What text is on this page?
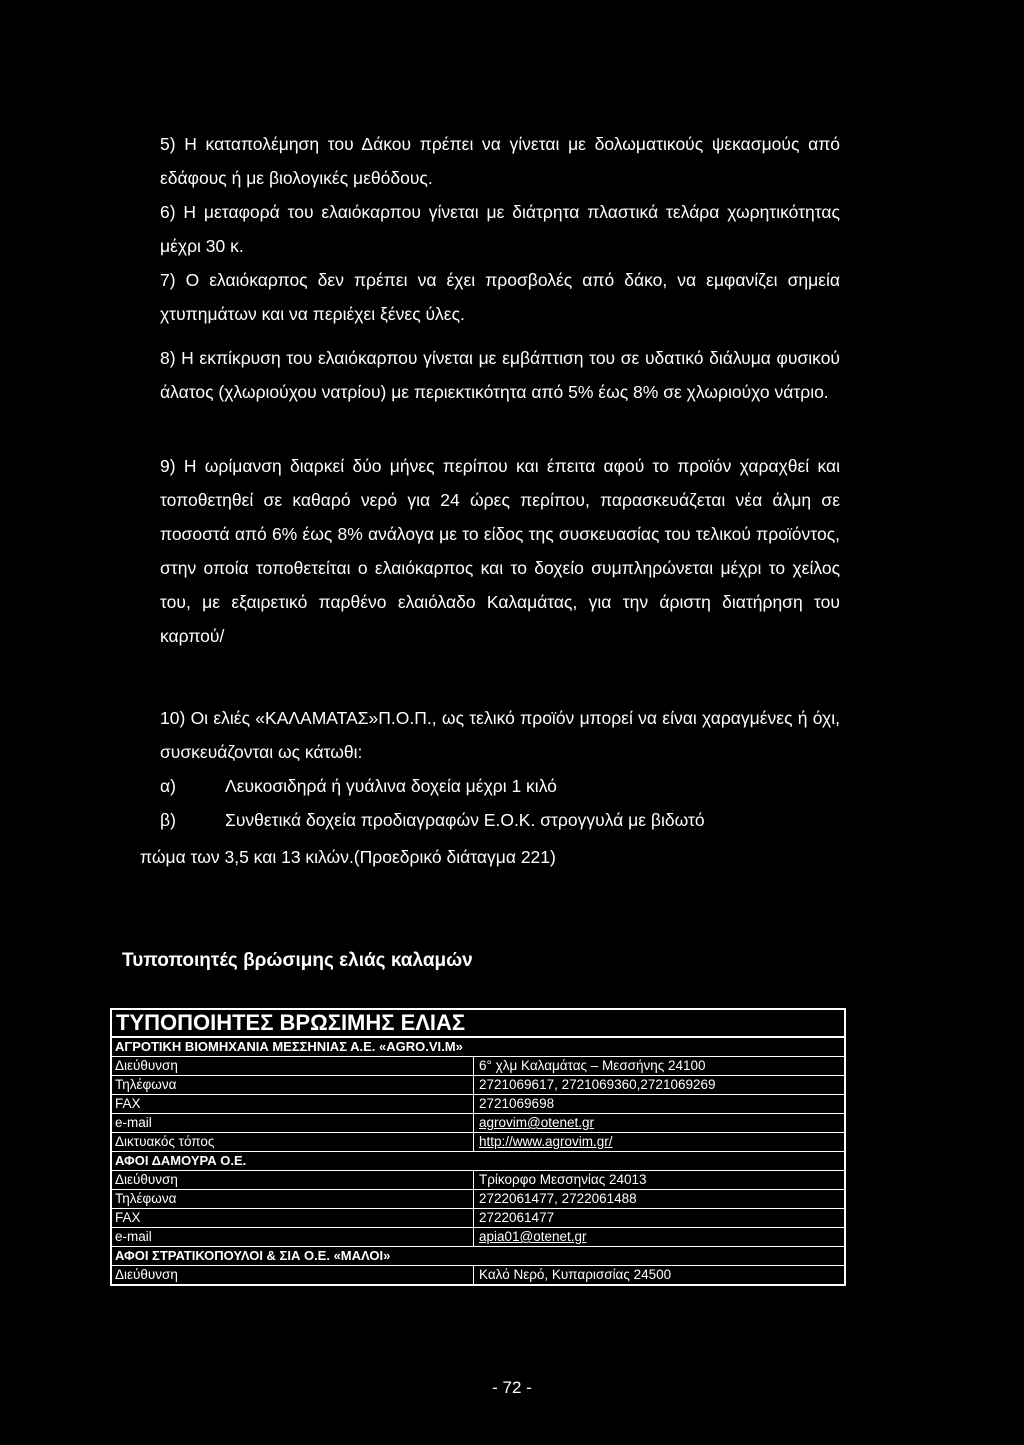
5) Η καταπολέμηση του Δάκου πρέπει να γίνεται με δολωματικούς ψεκασμούς από εδάφους ή με βιολογικές μεθόδους.

6) Η μεταφορά του ελαιόκαρπου γίνεται με διάτρητα πλαστικά τελάρα χωρητικότητας μέχρι 30 κ.

7) Ο ελαιόκαρπος δεν πρέπει να έχει προσβολές από δάκο, να εμφανίζει σημεία χτυπημάτων και να περιέχει ξένες ύλες.

8) Η εκπίκρυση του ελαιόκαρπου γίνεται με εμβάπτιση του σε υδατικό διάλυμα φυσικού άλατος (χλωριούχου νατρίου) με περιεκτικότητα από 5% έως 8% σε χλωριούχο νάτριο.

9) Η ωρίμανση διαρκεί δύο μήνες περίπου και έπειτα αφού το προϊόν χαραχθεί και τοποθετηθεί σε καθαρό νερό για 24 ώρες περίπου, παρασκευάζεται νέα άλμη σε ποσοστά από 6% έως 8% ανάλογα με το είδος της συσκευασίας του τελικού προϊόντος, στην οποία τοποθετείται ο ελαιόκαρπος και το δοχείο συμπληρώνεται μέχρι το χείλος του, με εξαιρετικό παρθένο ελαιόλαδο Καλαμάτας, για την άριστη διατήρηση του καρπού/

10) Οι ελιές «ΚΑΛΑΜΑΤΑΣ»Π.Ο.Π., ως τελικό προϊόν μπορεί να είναι χαραγμένες ή όχι, συσκευάζονται ως κάτωθι:

α)	Λευκοσιδηρά ή γυάλινα δοχεία μέχρι 1 κιλό
β)	Συνθετικά δοχεία προδιαγραφών Ε.Ο.Κ. στρογγυλά με βιδωτό
πώμα των 3,5 και 13 κιλών.(Προεδρικό διάταγμα 221)
Τυποποιητές βρώσιμης ελιάς καλαμών
ΤΥΠΟΠΟΙΗΤΕΣ ΒΡΩΣΙΜΗΣ ΕΛΙΑΣ
ΑΓΡΟΤΙΚΗ ΒΙΟΜΗΧΑΝΙΑ ΜΕΣΣΗΝΙΑΣ Α.Ε. «AGRO.VI.M»
Διεύθυνση	6° χλμ Καλαμάτας – Μεσσήνης 24100
Τηλέφωνα	2721069617, 2721069360,2721069269
FAX	2721069698
e-mail	agrovim@otenet.gr
Δικτυακός τόπος	http://www.agrovim.gr/
ΑΦΟΙ ΔΑΜΟΥΡΑ Ο.Ε.
Διεύθυνση	Τρίκορφο Μεσσηνίας 24013
Τηλέφωνα	2722061477, 2722061488
FAX	2722061477
e-mail	apia01@otenet.gr
ΑΦΟΙ ΣΤΡΑΤΙΚΟΠΟΥΛΟΙ & ΣΙΑ Ο.Ε. «ΜΑΛΟΙ»
Διεύθυνση	Καλό Νερό, Κυπαρισσίας 24500
- 72 -
